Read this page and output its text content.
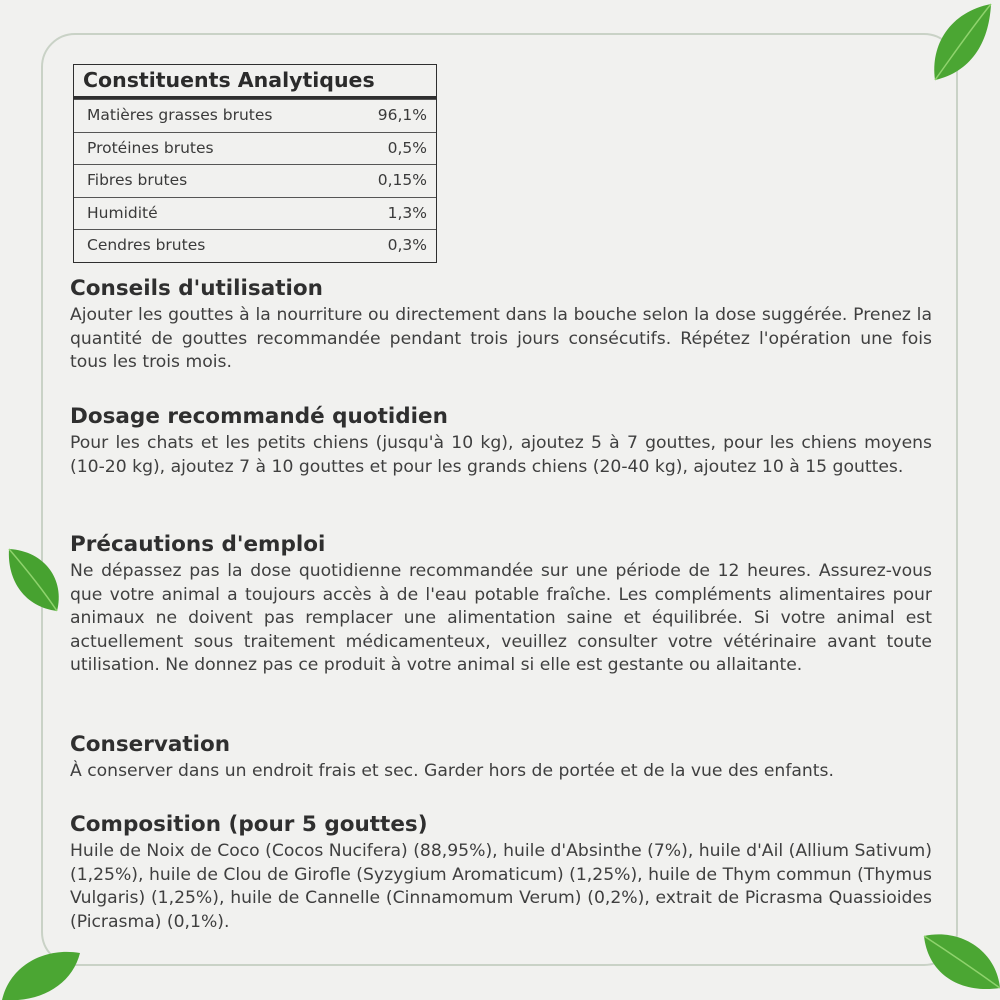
Constituents Analytiques
Matières grasses brutes	96,1%
Protéines brutes	0,5%
Fibres brutes	0,15%
Humidité	1,3%
Cendres brutes	0,3%
Conseils d'utilisation

Ajouter les gouttes à la nourriture ou directement dans la bouche selon la dose suggérée. Prenez la quantité de gouttes recommandée pendant trois jours consécutifs. Répétez l'opération une fois tous les trois mois.

Dosage recommandé quotidien

Pour les chats et les petits chiens (jusqu'à 10 kg), ajoutez 5 à 7 gouttes, pour les chiens moyens (10-20 kg), ajoutez 7 à 10 gouttes et pour les grands chiens (20-40 kg), ajoutez 10 à 15 gouttes.

Précautions d'emploi

Ne dépassez pas la dose quotidienne recommandée sur une période de 12 heures. Assurez-vous que votre animal a toujours accès à de l'eau potable fraîche. Les compléments alimentaires pour animaux ne doivent pas remplacer une alimentation saine et équilibrée. Si votre animal est actuellement sous traitement médicamenteux, veuillez consulter votre vétérinaire avant toute utilisation. Ne donnez pas ce produit à votre animal si elle est gestante ou allaitante.

Conservation

À conserver dans un endroit frais et sec. Garder hors de portée et de la vue des enfants.

Composition (pour 5 gouttes)

Huile de Noix de Coco (Cocos Nucifera) (88,95%), huile d'Absinthe (7%), huile d'Ail (Allium Sativum) (1,25%), huile de Clou de Girofle (Syzygium Aromaticum) (1,25%), huile de Thym commun (Thymus Vulgaris) (1,25%), huile de Cannelle (Cinnamomum Verum) (0,2%), extrait de Picrasma Quassioides (Picrasma) (0,1%).
